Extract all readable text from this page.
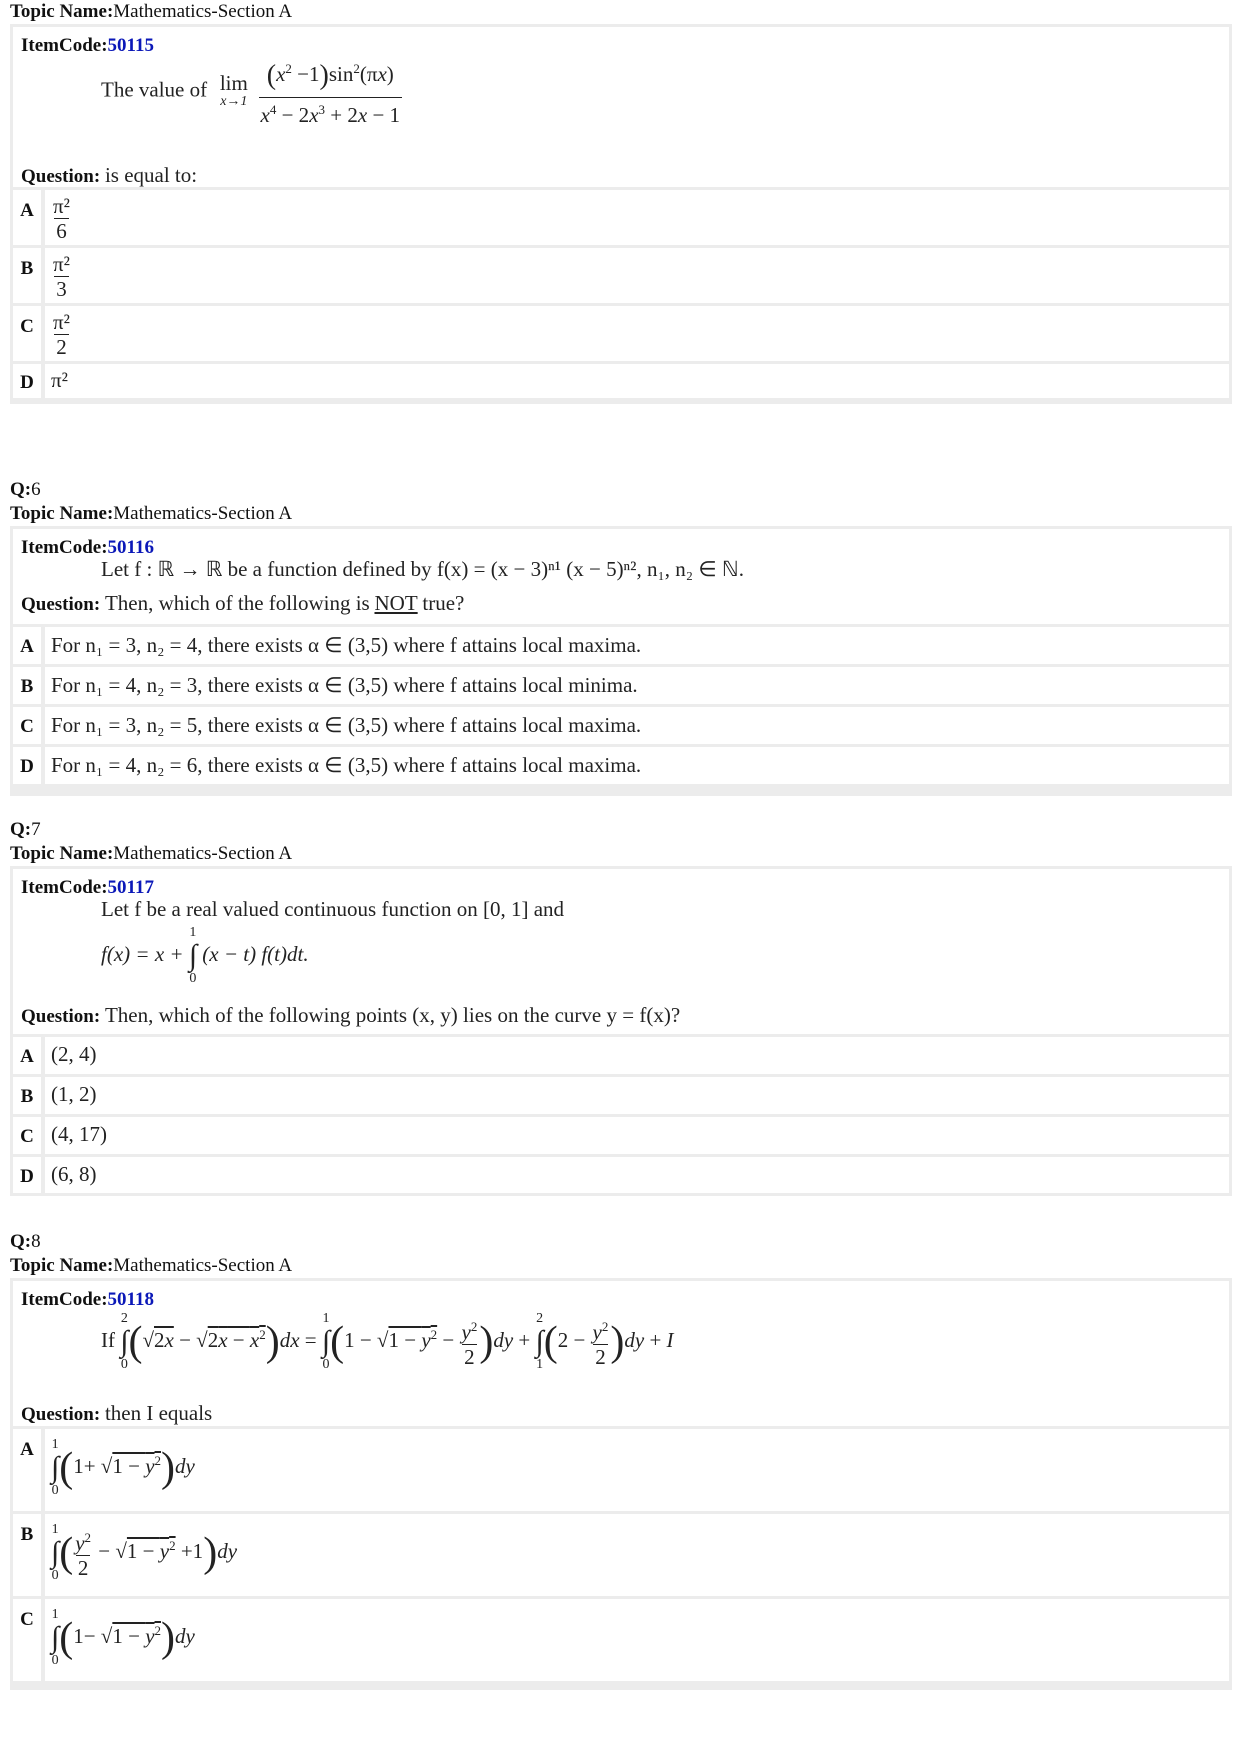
Topic Name:Mathematics-Section A
ItemCode:50115
The value of lim
x→1
$\frac{(x^2 -1)\sin^2(\pi x)}{x^4 - 2x^3 + 2x - 1}$
Question: is equal to:
A $\frac{\text{π²}}{6}$
B $\frac{\text{π²}}{3}$
C $\frac{\text{π²}}{2}$
D π²
Q:6
Topic Name:Mathematics-Section A
ItemCode:50116
Let f : ℝ → ℝ be a function defined by f(x) = (x − 3)ⁿ¹ (x − 5)ⁿ², n₁, n₂ ∈ ℕ.
Question: Then, which of the following is NOT true?
A For n₁ = 3, n₂ = 4, there exists α ∈ (3,5) where f attains local maxima.
B For n₁ = 4, n₂ = 3, there exists α ∈ (3,5) where f attains local minima.
C For n₁ = 3, n₂ = 5, there exists α ∈ (3,5) where f attains local maxima.
D For n₁ = 4, n₂ = 6, there exists α ∈ (3,5) where f attains local maxima.
Q:7
Topic Name:Mathematics-Section A
ItemCode:50117
Let f be a real valued continuous function on [0, 1] and
f(x) = x +
1
∫
0
(x − t) f(t)dt.
Question: Then, which of the following points (x, y) lies on the curve y = f(x)?
A (2, 4)
B (1, 2)
C (4, 17)
D (6, 8)
Q:8
Topic Name:Mathematics-Section A
ItemCode:50118
If
2
∫
0 $(√2x - √2x - x^2)dx$ =
1
∫
0 $(1 - √1 - y^2 - \frac{y^2}{2} )dy$ +
2
∫
1 $(2 - \frac{y^2}{2} )dy + I$
Question: then I equals
A	1
∫
0 $(1+ √1 - y^2)dy$
B	1
∫
0 ( $\frac{y^2}{2} - √1 - y^2 +1)dy$
C	1
∫
0 $(1- √1 - y^2)dy$
